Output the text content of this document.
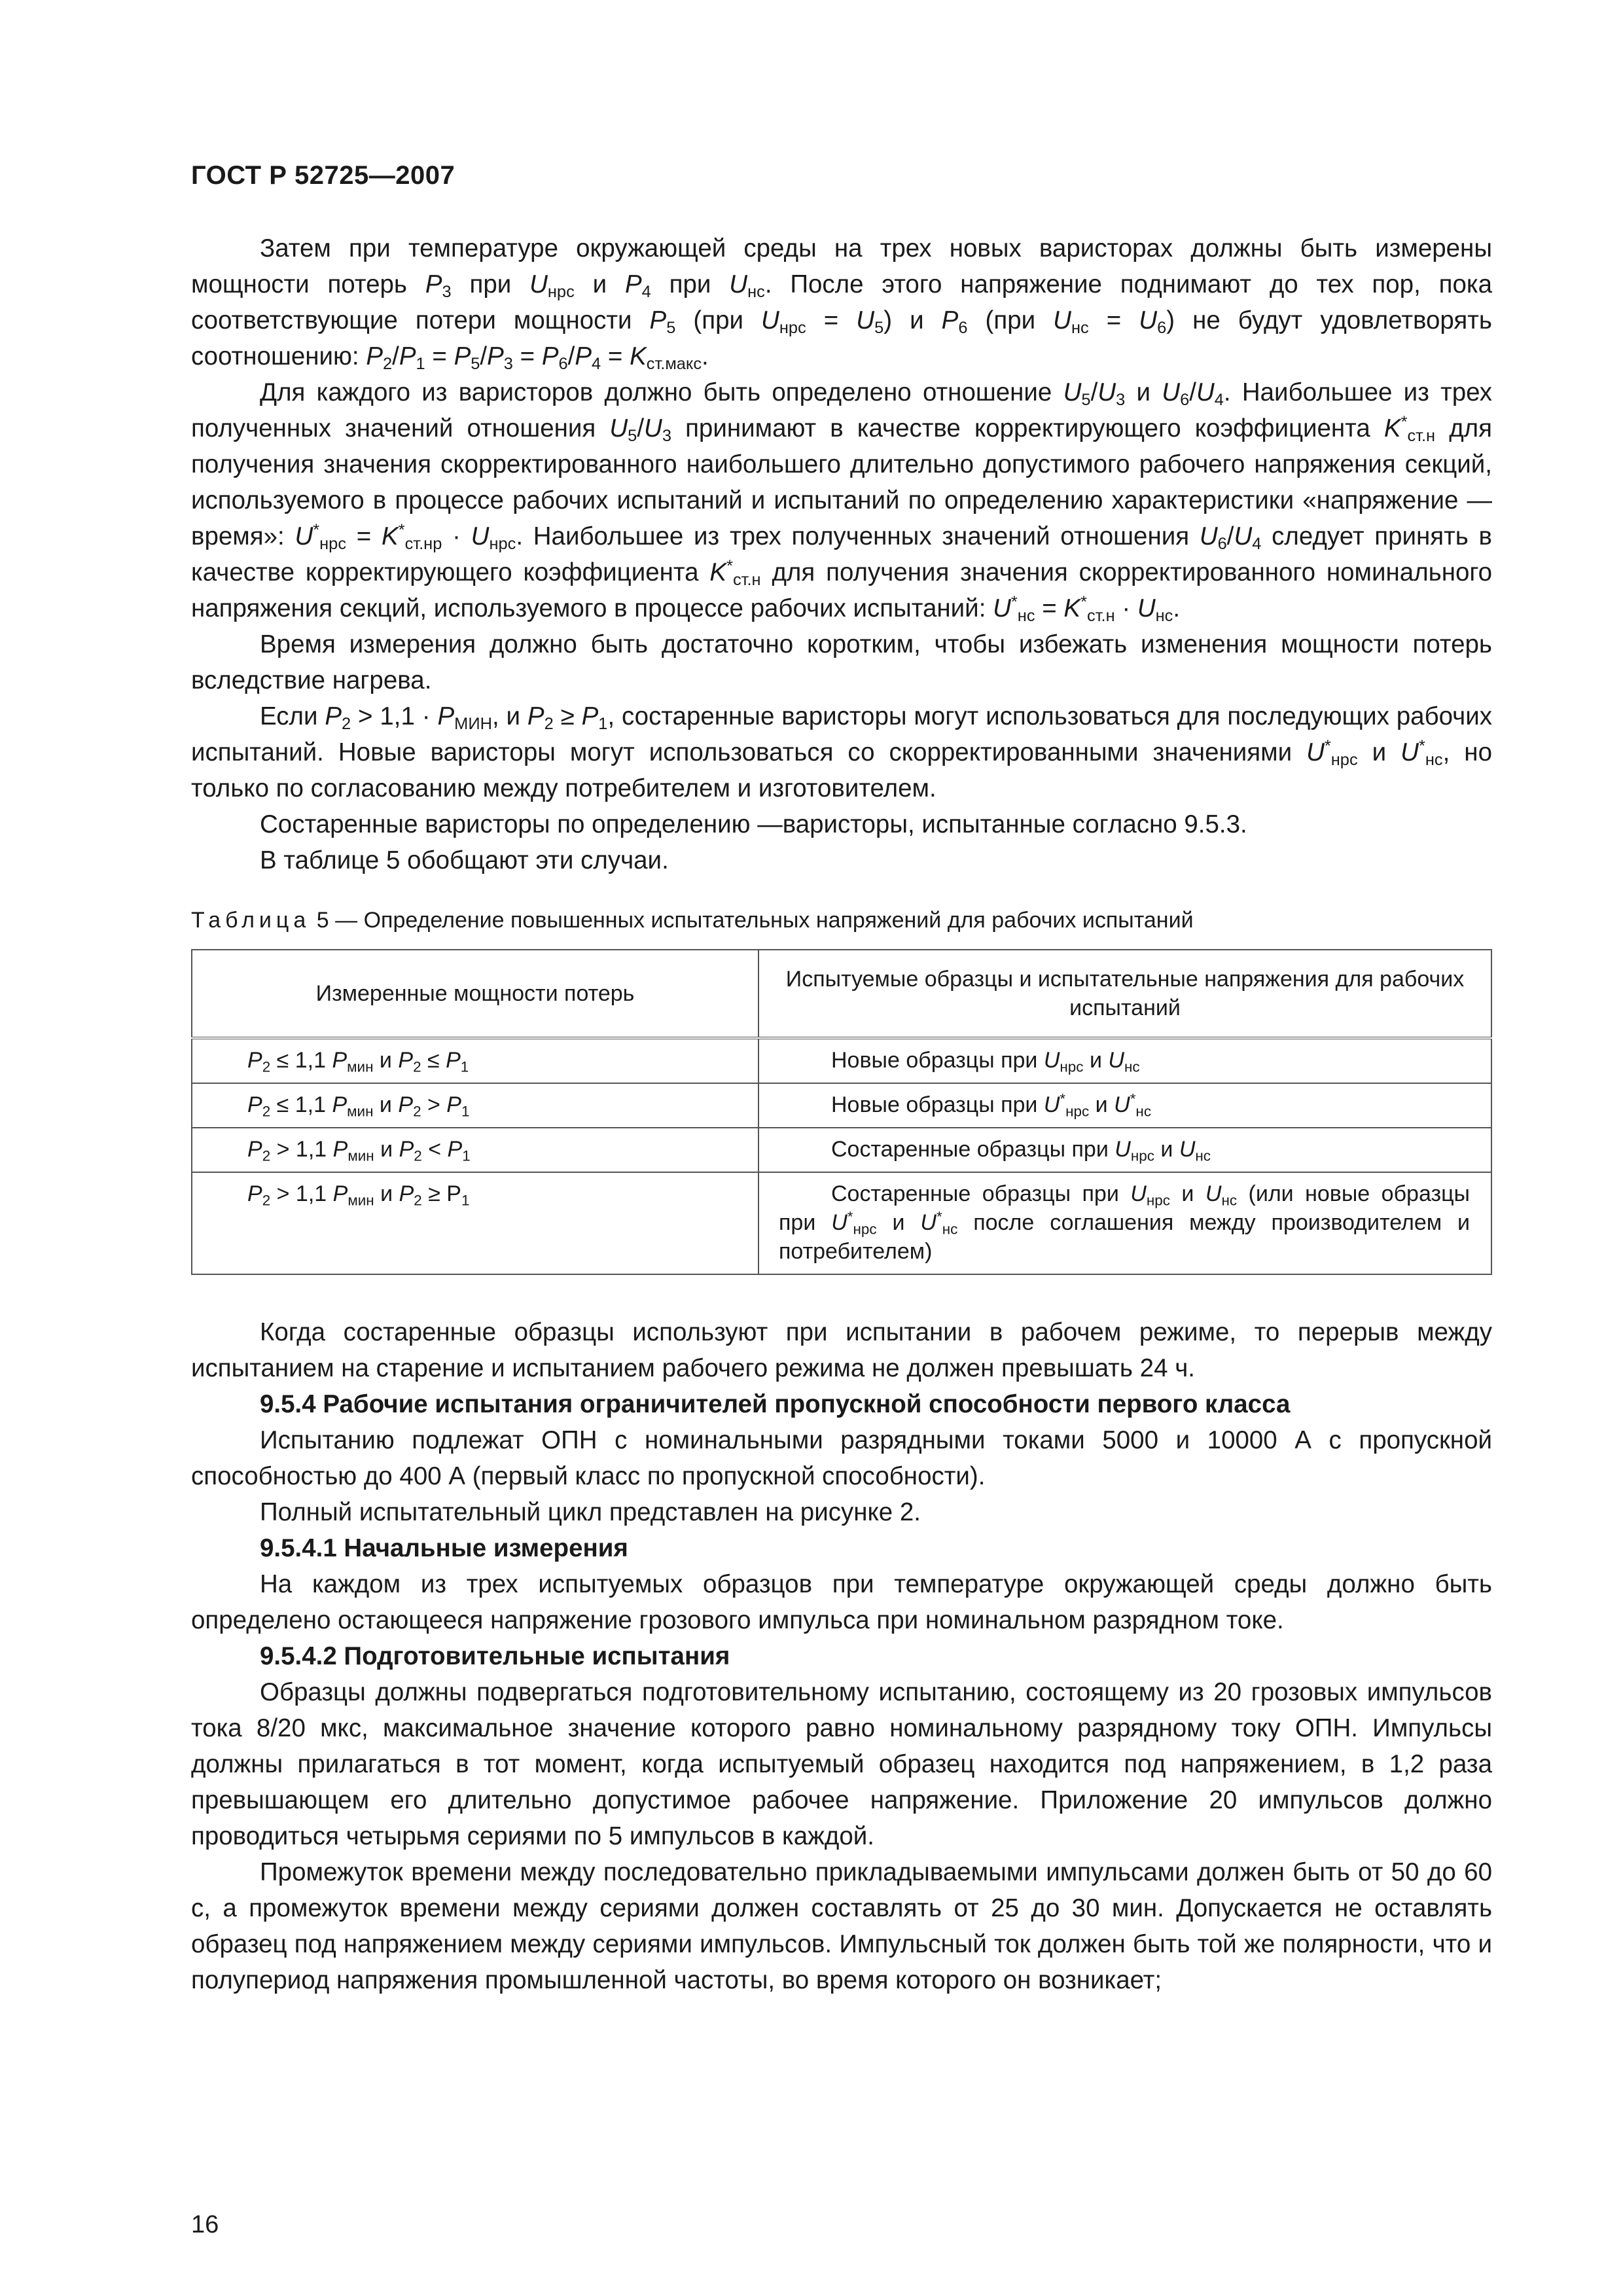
ГОСТ Р 52725—2007

Затем при температуре окружающей среды на трех новых варисторах должны быть измерены мощности потерь $P_3$ при $U_{нрс}$ и $P_4$ при $U_{нс}$. После этого напряжение поднимают до тех пор, пока соответствующие потери мощности $P_5$ (при $U_{нрс} = U_5$) и $P_6$ (при $U_{нс} = U_6$) не будут удовлетворять соотношению: $P_2/P_1 = P_5/P_3 = P_6/P_4 = K_{ст.макс}$.

Для каждого из варисторов должно быть определено отношение $U_5/U_3$ и $U_6/U_4$. Наибольшее из трех полученных значений отношения $U_5/U_3$ принимают в качестве корректирующего коэффициента $K^*_{ст.н}$ для получения значения скорректированного наибольшего длительно допустимого рабочего напряжения секций, используемого в процессе рабочих испытаний и испытаний по определению характеристики «напряжение — время»: $U^*_{нрс} = K^*_{ст.нр} \cdot U_{нрс}$. Наибольшее из трех полученных значений отношения $U_6/U_4$ следует принять в качестве корректирующего коэффициента $K^*_{ст.н}$ для получения значения скорректированного номинального напряжения секций, используемого в процессе рабочих испытаний: $U^*_{нс} = K^*_{ст.н} \cdot U_{нс}$.

Время измерения должно быть достаточно коротким, чтобы избежать изменения мощности потерь вследствие нагрева.

Если $P_2 > 1,1 \cdot P_{МИН}$, и $P_2 \ge P_1$, состаренные варисторы могут использоваться для последующих рабочих испытаний. Новые варисторы могут использоваться со скорректированными значениями $U^*_{нрс}$ и $U^*_{нс}$, но только по согласованию между потребителем и изготовителем.

Состаренные варисторы по определению —варисторы, испытанные согласно 9.5.3.

В таблице 5 обобщают эти случаи.

Таблица 5 — Определение повышенных испытательных напряжений для рабочих испытаний
Измеренные мощности потерь	Испытуемые образцы и испытательные напряжения для рабочих испытаний
$P_2 \le 1,1$ $P_{мин}$ и $P_2 \le P_1$	Новые образцы при $U_{нрс}$ и $U_{нс}$

$P_2 \le 1,1$ $P_{мин}$ и $P_2 > P_1$	Новые образцы при $U^*_{нрс}$ и $U^*_{нс}$

$P_2 > 1,1$ $P_{мин}$ и $P_2 < P_1$	Состаренные образцы при $U_{нрс}$ и $U_{нс}$

$P_2 > 1,1$ $P_{мин}$ и $P_2 \ge P_1$	Состаренные образцы при $U_{нрс}$ и $U_{нс}$ (или новые образцы при $U^*_{нрс}$ и $U^*_{нс}$ после соглашения между производителем и потребителем)

Когда состаренные образцы используют при испытании в рабочем режиме, то перерыв между испытанием на старение и испытанием рабочего режима не должен превышать 24 ч.

9.5.4 Рабочие испытания ограничителей пропускной способности первого класса

Испытанию подлежат ОПН с номинальными разрядными токами 5000 и 10000 А с пропускной способностью до 400 А (первый класс по пропускной способности).

Полный испытательный цикл представлен на рисунке 2.

9.5.4.1 Начальные измерения

На каждом из трех испытуемых образцов при температуре окружающей среды должно быть определено остающееся напряжение грозового импульса при номинальном разрядном токе.

9.5.4.2 Подготовительные испытания

Образцы должны подвергаться подготовительному испытанию, состоящему из 20 грозовых импульсов тока 8/20 мкс, максимальное значение которого равно номинальному разрядному току ОПН. Импульсы должны прилагаться в тот момент, когда испытуемый образец находится под напряжением, в 1,2 раза превышающем его длительно допустимое рабочее напряжение. Приложение 20 импульсов должно проводиться четырьмя сериями по 5 импульсов в каждой.

Промежуток времени между последовательно прикладываемыми импульсами должен быть от 50 до 60 с, а промежуток времени между сериями должен составлять от 25 до 30 мин. Допускается не оставлять образец под напряжением между сериями импульсов. Импульсный ток должен быть той же полярности, что и полупериод напряжения промышленной частоты, во время которого он возникает;

16
